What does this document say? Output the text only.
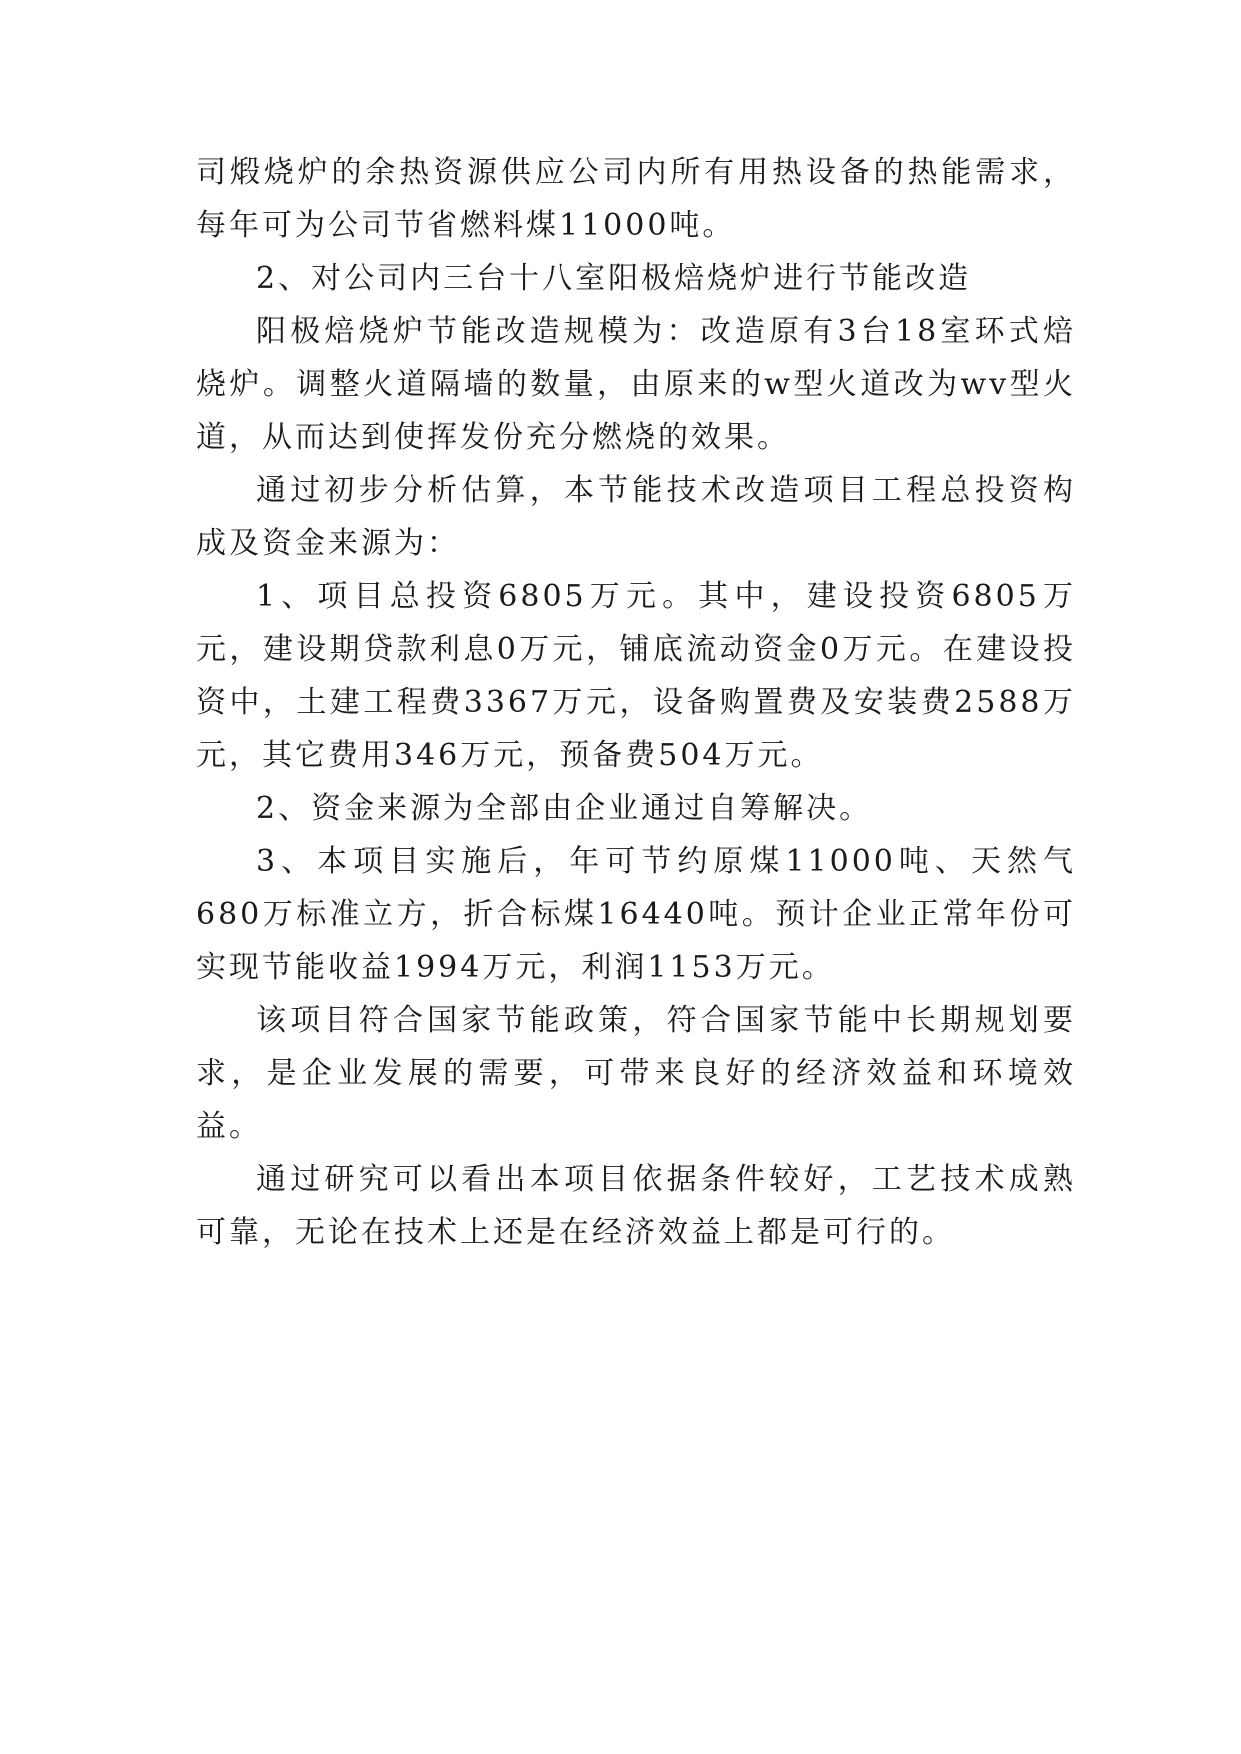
司煅烧炉的余热资源供应公司内所有用热设备的热能需求，每年可为公司节省燃料煤11000吨。

2、对公司内三台十八室阳极焙烧炉进行节能改造

阳极焙烧炉节能改造规模为：改造原有3台18室环式焙烧炉。调整火道隔墙的数量，由原来的w型火道改为wv型火道，从而达到使挥发份充分燃烧的效果。

通过初步分析估算，本节能技术改造项目工程总投资构成及资金来源为：

1、项目总投资6805万元。其中，建设投资6805万元，建设期贷款利息0万元，铺底流动资金0万元。在建设投资中，土建工程费3367万元，设备购置费及安装费2588万元，其它费用346万元，预备费504万元。

2、资金来源为全部由企业通过自筹解决。

3、本项目实施后，年可节约原煤11000吨、天然气680万标准立方，折合标煤16440吨。预计企业正常年份可实现节能收益1994万元，利润1153万元。

该项目符合国家节能政策，符合国家节能中长期规划要求，是企业发展的需要，可带来良好的经济效益和环境效益。

通过研究可以看出本项目依据条件较好，工艺技术成熟可靠，无论在技术上还是在经济效益上都是可行的。
